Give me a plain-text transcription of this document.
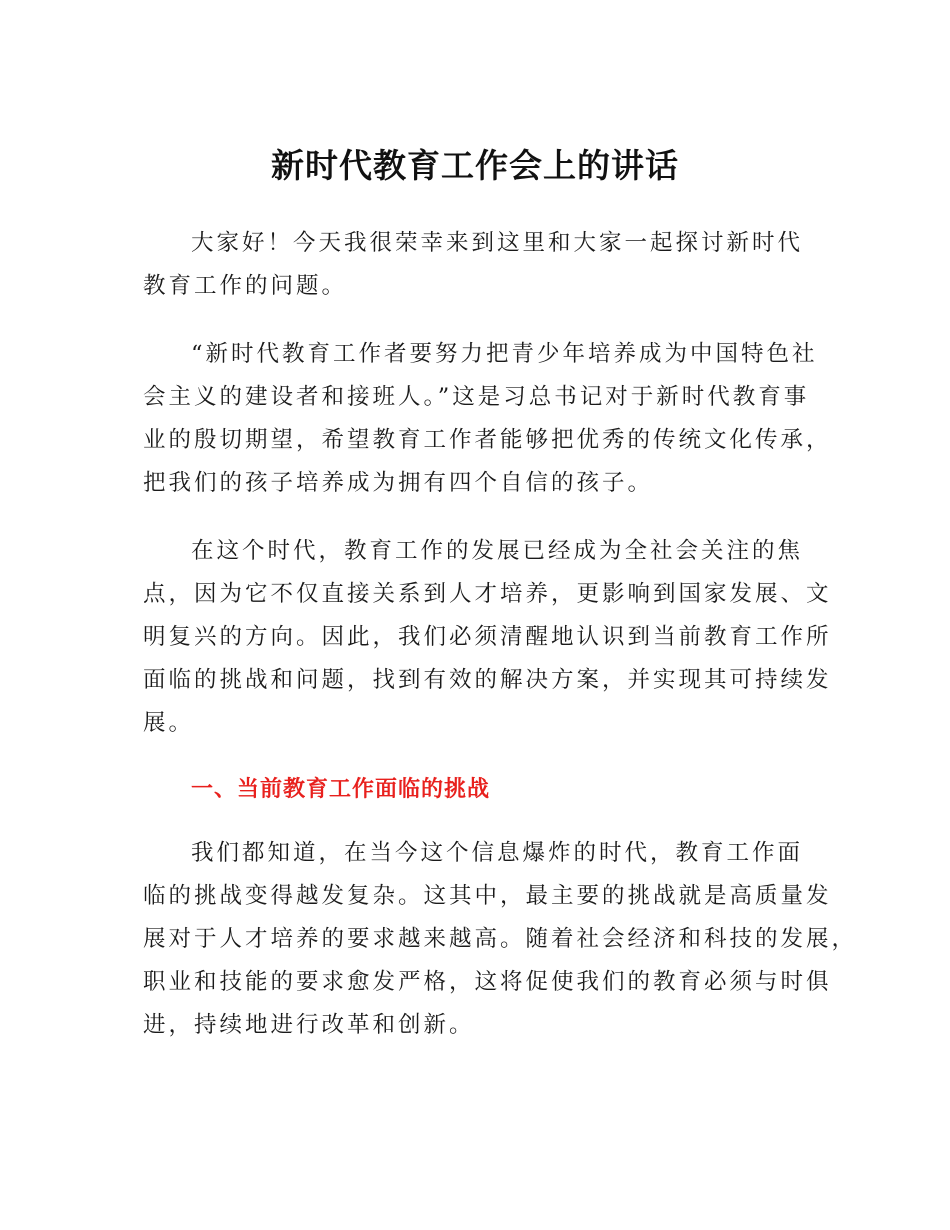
新时代教育工作会上的讲话

大家好！今天我很荣幸来到这里和大家一起探讨新时代
教育工作的问题。

“新时代教育工作者要努力把青少年培养成为中国特色社
会主义的建设者和接班人。”这是习总书记对于新时代教育事
业的殷切期望，希望教育工作者能够把优秀的传统文化传承，
把我们的孩子培养成为拥有四个自信的孩子。

在这个时代，教育工作的发展已经成为全社会关注的焦
点，因为它不仅直接关系到人才培养，更影响到国家发展、文
明复兴的方向。因此，我们必须清醒地认识到当前教育工作所
面临的挑战和问题，找到有效的解决方案，并实现其可持续发
展。

一、当前教育工作面临的挑战

我们都知道，在当今这个信息爆炸的时代，教育工作面
临的挑战变得越发复杂。这其中，最主要的挑战就是高质量发
展对于人才培养的要求越来越高。随着社会经济和科技的发展，
职业和技能的要求愈发严格，这将促使我们的教育必须与时俱
进，持续地进行改革和创新。
